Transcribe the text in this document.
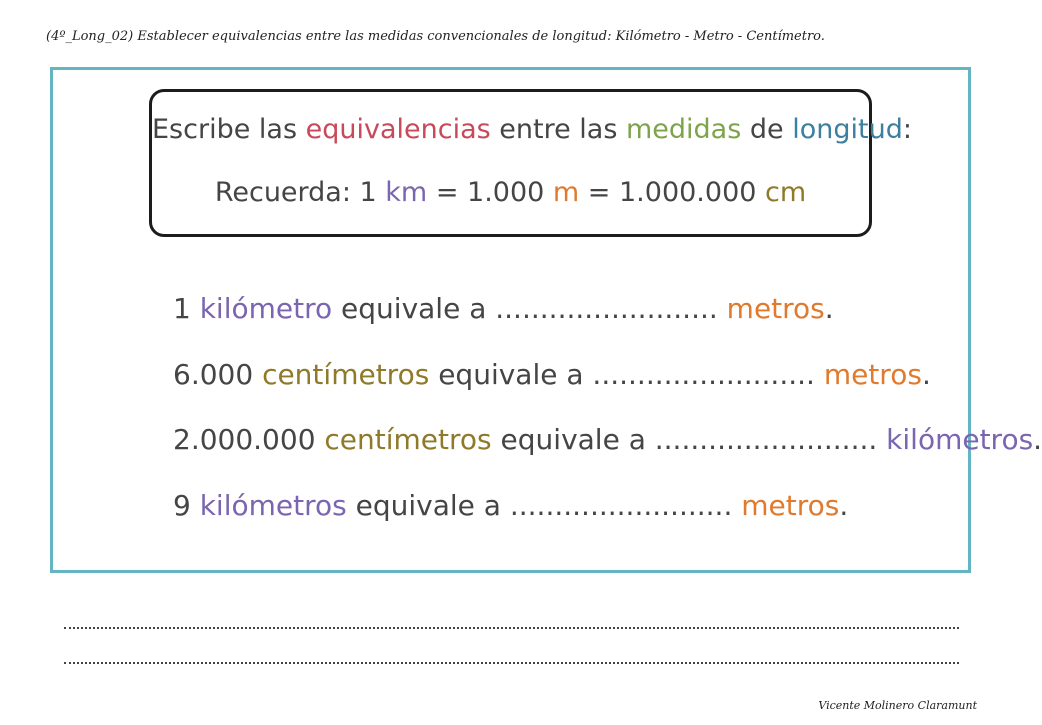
(4º_Long_02) Establecer equivalencias entre las medidas convencionales de longitud: Kilómetro - Metro - Centímetro.
Escribe las equivalencias entre las medidas de longitud:
Recuerda: 1 km = 1.000 m = 1.000.000 cm
1 kilómetro equivale a ......................... metros.
6.000 centímetros equivale a ......................... metros.
2.000.000 centímetros equivale a ......................... kilómetros.
9 kilómetros equivale a ......................... metros.
Vicente Molinero Claramunt
